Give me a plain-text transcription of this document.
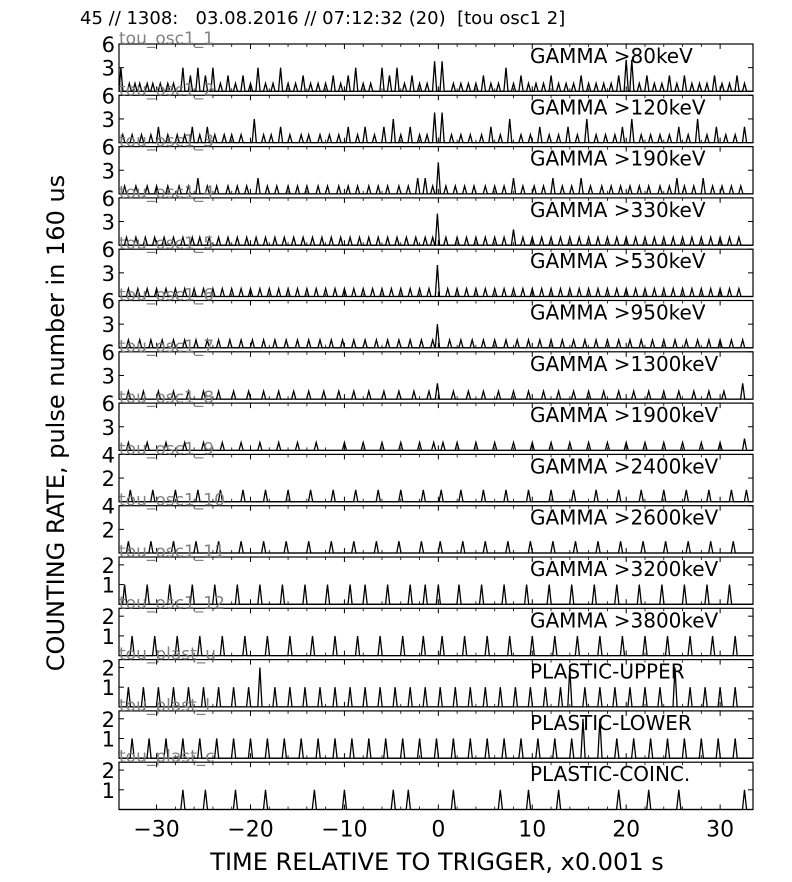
45 // 1308:   03.08.2016 // 07:12:32 (20)  [tou osc1 2]
COUNTING RATE, pulse number in 160 us
TIME RELATIVE TO TRIGGER, x0.001 s
3
6	GAMMA >80keV
tou_osc1_1
3
6	GAMMA >120keV
tou_osc1_2
3
6	GAMMA >190keV
tou_osc1_3
3
6	GAMMA >330keV
tou_osc1_4
3
6	GAMMA >530keV
tou_osc1_5
3
6	GAMMA >950keV
tou_osc1_6
3
6	GAMMA >1300keV
tou_osc1_7
3
6	GAMMA >1900keV
tou_osc1_8
2
4	GAMMA >2400keV
tou_osc1_9
2
4	GAMMA >2600keV
tou_osc1_10
1
2	GAMMA >3200keV
tou_osc1_11
1
2	GAMMA >3800keV
tou_osc1_12
1
2	PLASTIC-UPPER
tou_plast_u
1
2	PLASTIC-LOWER
tou_plast_l
1
2	PLASTIC-COINC.
tou_plast_c
−30 −20 −10	0	10	20	30
